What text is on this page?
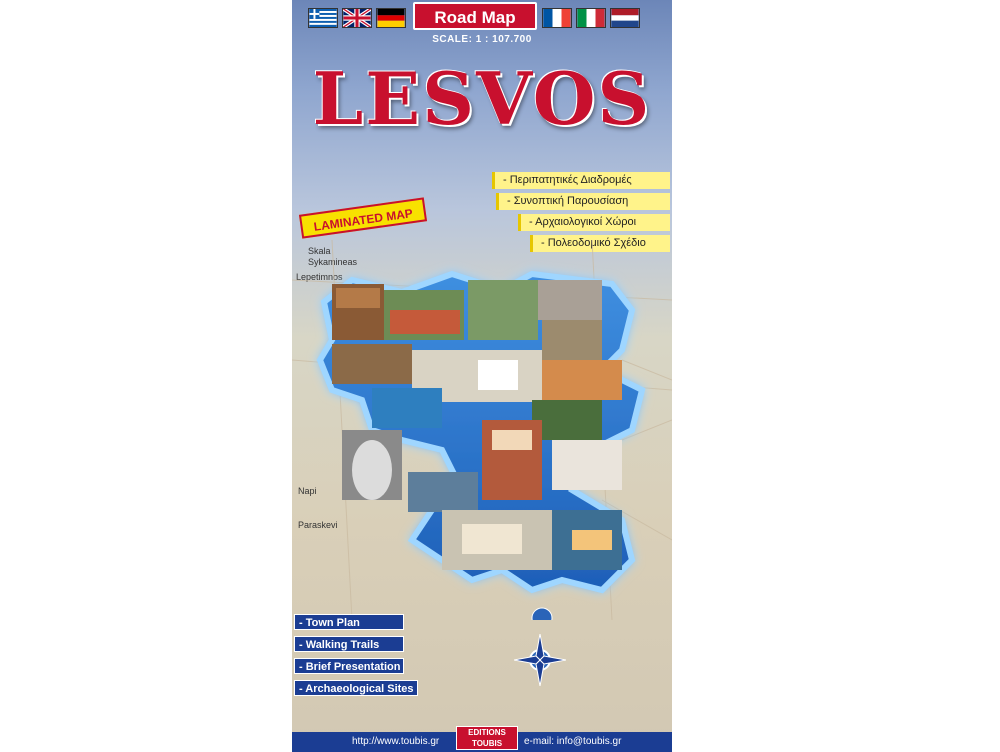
Road Map
SCALE: 1 : 107.700
LESVOS
- Περιπατητικές Διαδρομές
- Συνοπτική Παρουσίαση
- Αρχαιολογικοί Χώροι
- Πολεοδομικό Σχέδιο
LAMINATED MAP
Skala
Sykamineas
Lepetimnos
Napi
Paraskevi
- Town Plan
- Walking Trails
- Brief Presentation
- Archaeological Sites
http://www.toubis.gr
EDITIONS TOUBIS	e-mail: info@toubis.gr
